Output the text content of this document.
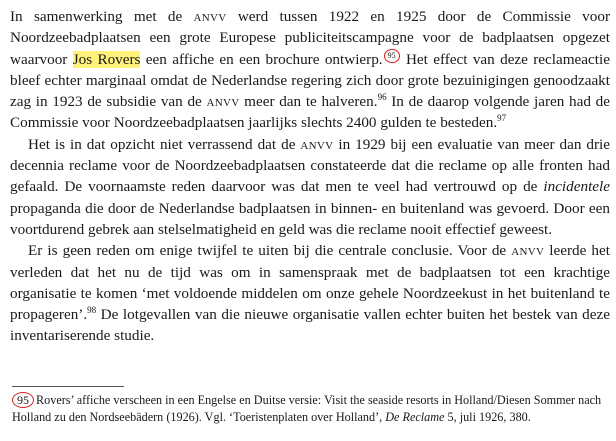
In samenwerking met de anvv werd tussen 1922 en 1925 door de Commissie voor Noordzeebadplaatsen een grote Europese publiciteitscampagne voor de badplaatsen opgezet waarvoor Jos Rovers een affiche en een brochure ontwierp. 95 Het effect van deze reclameactie bleef echter marginaal omdat de Nederlandse regering zich door grote bezuinigingen genoodzaakt zag in 1923 de subsidie van de anvv meer dan te halveren.$^{96}$ In de daarop volgende jaren had de Commissie voor Noordzeebadplaatsen jaarlijks slechts 2400 gulden te besteden.$^{97}$

Het is in dat opzicht niet verrassend dat de anvv in 1929 bij een evaluatie van meer dan drie decennia reclame voor de Noordzeebadplaatsen constateerde dat die reclame op alle fronten had gefaald. De voornaamste reden daarvoor was dat men te veel had vertrouwd op de incidentele propaganda die door de Nederlandse badplaatsen in binnen- en buitenland was gevoerd. Door een voortdurend gebrek aan stelselmatigheid en geld was die reclame nooit effectief geweest.

Er is geen reden om enige twijfel te uiten bij die centrale conclusie. Voor de anvv leerde het verleden dat het nu de tijd was om in samenspraak met de badplaatsen tot een krachtige organisatie te komen ‘met voldoende middelen om onze gehele Noordzeekust in het buitenland te propageren’.$^{98}$ De lotgevallen van die nieuwe organisatie vallen echter buiten het bestek van deze inventariserende studie.

95 Rovers’ affiche verscheen in een Engelse en Duitse versie: Visit the seaside resorts in Holland/Diesen Sommer nach Holland zu den Nordseebädern (1926). Vgl. ‘Toeristenplaten over Holland’, De Reclame 5, juli 1926, 380.
